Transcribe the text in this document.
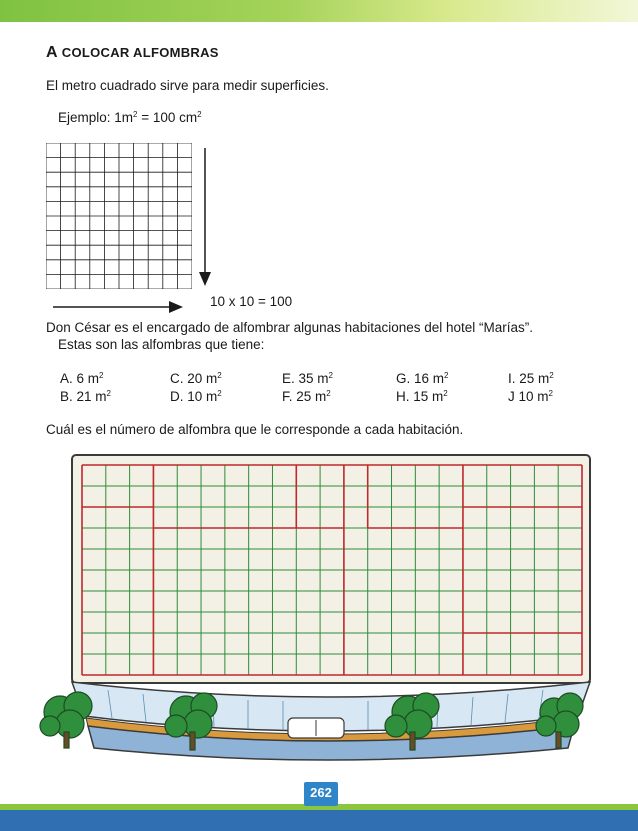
A COLOCAR ALFOMBRAS
El metro cuadrado sirve para medir superficies.
Ejemplo: $1m^2 = 100$ $cm^2$
10 x 10 = 100
Don César es el encargado de alfombrar algunas habitaciones del hotel “Marías”.
Estas son las alfombras que tiene:
A. 6 $m^2$	C. 20 $m^2$	E. 35 $m^2$	G. 16 $m^2$	I. 25 $m^2$
B. 21 $m^2$	D. 10 $m^2$	F. 25 $m^2$	H. 15 $m^2$	J 10 $m^2$
Cuál es el número de alfombra que le corresponde a cada habitación.
262
